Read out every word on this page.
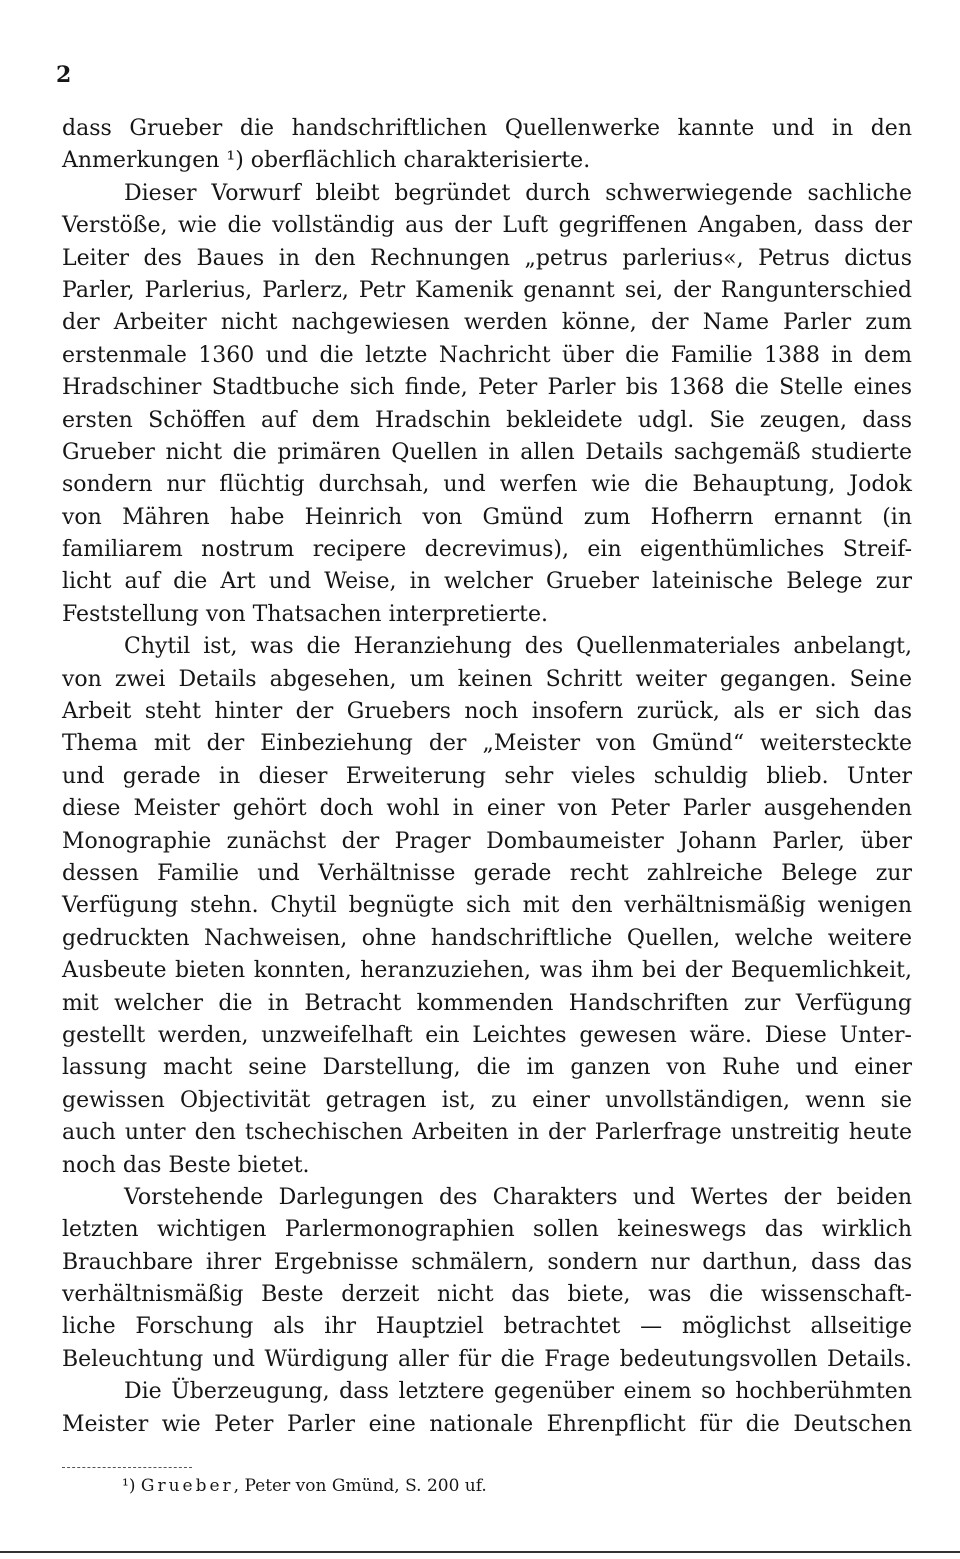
2
dass Grueber die handschriftlichen Quellenwerke kannte und in den
Anmerkungen ¹) oberflächlich charakterisierte.
Dieser Vorwurf bleibt begründet durch schwerwiegende sachliche
Verstöße, wie die vollständig aus der Luft gegriffenen Angaben, dass der
Leiter des Baues in den Rechnungen „petrus parlerius«, Petrus dictus
Parler, Parlerius, Parlerz, Petr Kamenik genannt sei, der Rangunterschied
der Arbeiter nicht nachgewiesen werden könne, der Name Parler zum
erstenmale 1360 und die letzte Nachricht über die Familie 1388 in dem
Hradschiner Stadtbuche sich finde, Peter Parler bis 1368 die Stelle eines
ersten Schöffen auf dem Hradschin bekleidete udgl. Sie zeugen, dass
Grueber nicht die primären Quellen in allen Details sachgemäß studierte
sondern nur flüchtig durchsah, und werfen wie die Behauptung, Jodok
von Mähren habe Heinrich von Gmünd zum Hofherrn ernannt (in
familiarem nostrum recipere decrevimus), ein eigenthümliches Streif-
licht auf die Art und Weise, in welcher Grueber lateinische Belege zur
Feststellung von Thatsachen interpretierte.
Chytil ist, was die Heranziehung des Quellenmateriales anbelangt,
von zwei Details abgesehen, um keinen Schritt weiter gegangen. Seine
Arbeit steht hinter der Gruebers noch insofern zurück, als er sich das
Thema mit der Einbeziehung der „Meister von Gmünd“ weitersteckte
und gerade in dieser Erweiterung sehr vieles schuldig blieb. Unter
diese Meister gehört doch wohl in einer von Peter Parler ausgehenden
Monographie zunächst der Prager Dombaumeister Johann Parler, über
dessen Familie und Verhältnisse gerade recht zahlreiche Belege zur
Verfügung stehn. Chytil begnügte sich mit den verhältnismäßig wenigen
gedruckten Nachweisen, ohne handschriftliche Quellen, welche weitere
Ausbeute bieten konnten, heranzuziehen, was ihm bei der Bequemlichkeit,
mit welcher die in Betracht kommenden Handschriften zur Verfügung
gestellt werden, unzweifelhaft ein Leichtes gewesen wäre. Diese Unter-
lassung macht seine Darstellung, die im ganzen von Ruhe und einer
gewissen Objectivität getragen ist, zu einer unvollständigen, wenn sie
auch unter den tschechischen Arbeiten in der Parlerfrage unstreitig heute
noch das Beste bietet.
Vorstehende Darlegungen des Charakters und Wertes der beiden
letzten wichtigen Parlermonographien sollen keineswegs das wirklich
Brauchbare ihrer Ergebnisse schmälern, sondern nur darthun, dass das
verhältnismäßig Beste derzeit nicht das biete, was die wissenschaft-
liche Forschung als ihr Hauptziel betrachtet — möglichst allseitige
Beleuchtung und Würdigung aller für die Frage bedeutungsvollen Details.
Die Überzeugung, dass letztere gegenüber einem so hochberühmten
Meister wie Peter Parler eine nationale Ehrenpflicht für die Deutschen
¹) Grueber, Peter von Gmünd, S. 200 uf.
